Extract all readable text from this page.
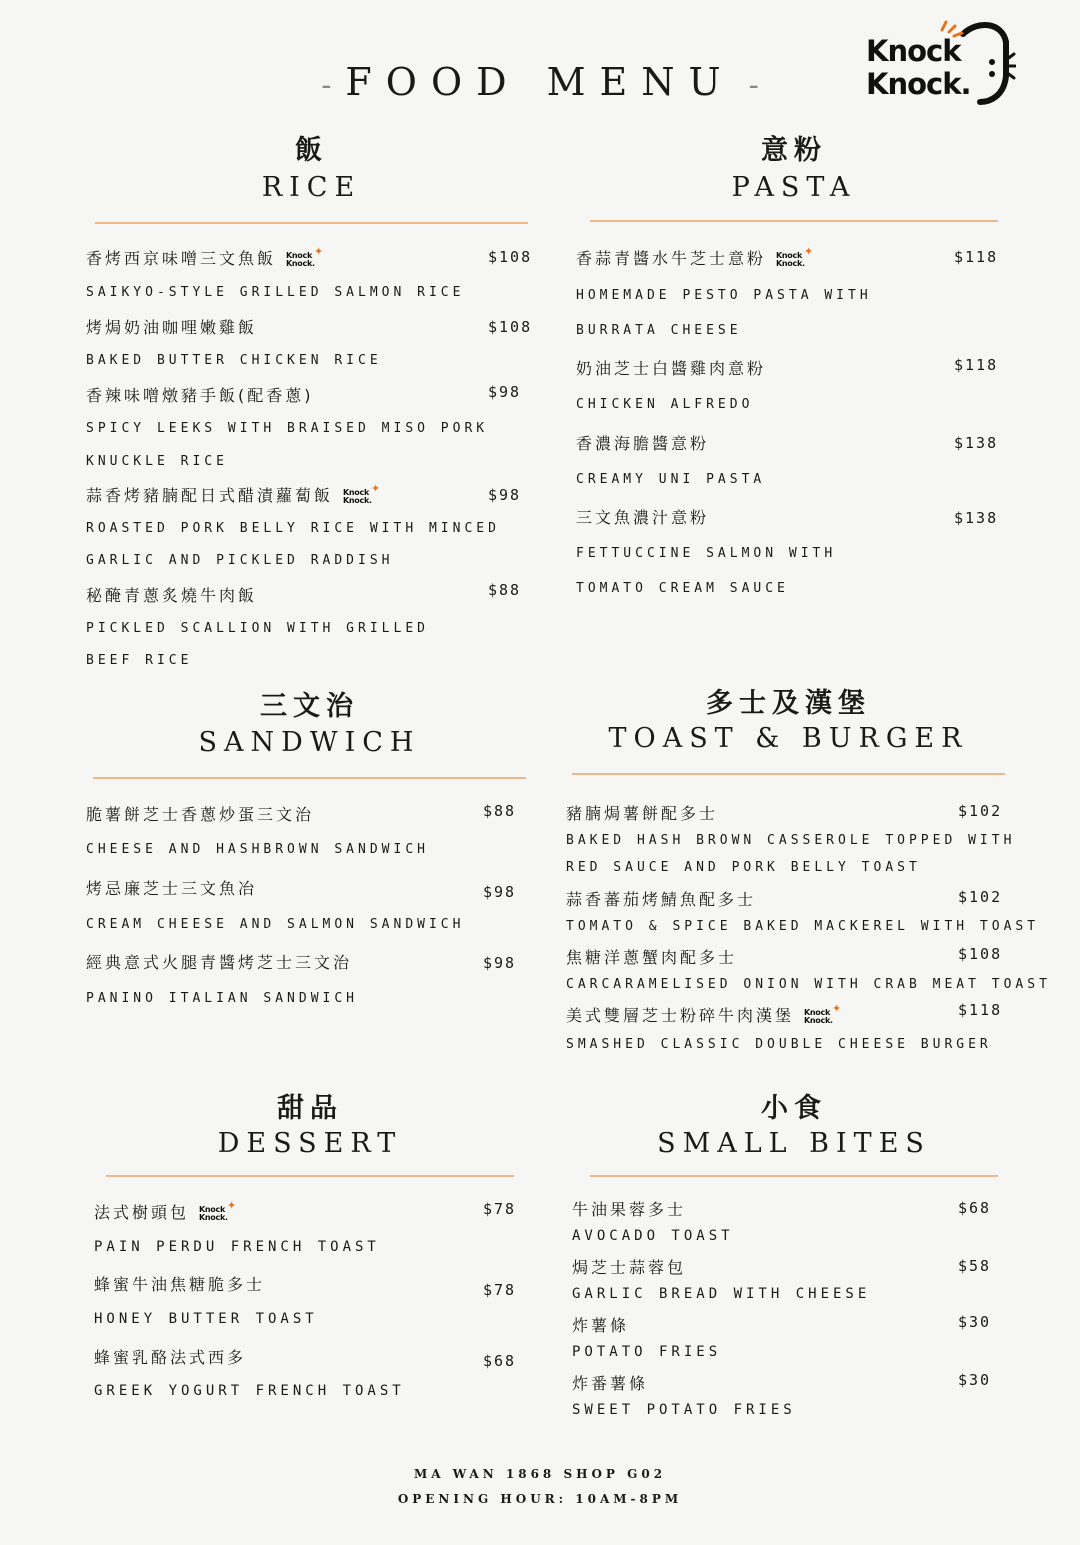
- FOOD MENU -
Knock
Knock.
飯
RICE
香烤西京味噌三文魚飯 Knock
Knock.
✦
SAIKYO-STYLE GRILLED SALMON RICE
$108
烤焗奶油咖哩嫩雞飯
BAKED BUTTER CHICKEN RICE
$108
香辣味噌燉豬手飯(配香蔥)
SPICY LEEKS WITH BRAISED MISO PORK
KNUCKLE RICE
$98
蒜香烤豬腩配日式醋漬蘿蔔飯 Knock
Knock.
✦
ROASTED PORK BELLY RICE WITH MINCED
GARLIC AND PICKLED RADDISH
$98
秘醃青蔥炙燒牛肉飯
PICKLED SCALLION WITH GRILLED
BEEF RICE
$88
意粉
PASTA
香蒜青醬水牛芝士意粉 Knock
Knock.
✦
HOMEMADE PESTO PASTA WITH
BURRATA CHEESE
$118
奶油芝士白醬雞肉意粉
CHICKEN ALFREDO
$118
香濃海膽醬意粉
CREAMY UNI PASTA
$138
三文魚濃汁意粉
FETTUCCINE SALMON WITH
TOMATO CREAM SAUCE
$138
三文治
SANDWICH
脆薯餅芝士香蔥炒蛋三文治
CHEESE AND HASHBROWN SANDWICH
$88
烤忌廉芝士三文魚冶
CREAM CHEESE AND SALMON SANDWICH
$98
經典意式火腿青醬烤芝士三文治
PANINO ITALIAN SANDWICH
$98
多士及漢堡
TOAST & BURGER
豬腩焗薯餅配多士
BAKED HASH BROWN CASSEROLE TOPPED WITH
RED SAUCE AND PORK BELLY TOAST
$102
蒜香蕃茄烤鯖魚配多士
TOMATO & SPICE BAKED MACKEREL WITH TOAST
$102
焦糖洋蔥蟹肉配多士
CARCARAMELISED ONION WITH CRAB MEAT TOAST
$108
美式雙層芝士粉碎牛肉漢堡 Knock
Knock.
✦
SMASHED CLASSIC DOUBLE CHEESE BURGER
$118
甜品
DESSERT
法式樹頭包 Knock
Knock.
✦
PAIN PERDU FRENCH TOAST
$78
蜂蜜牛油焦糖脆多士
HONEY BUTTER TOAST
$78
蜂蜜乳酪法式西多
GREEK YOGURT FRENCH TOAST
$68
小食
SMALL BITES
牛油果蓉多士
AVOCADO TOAST
$68
焗芝士蒜蓉包
GARLIC BREAD WITH CHEESE
$58
炸薯條
POTATO FRIES
$30
炸番薯條
SWEET POTATO FRIES
$30
MA WAN 1868 SHOP G02
OPENING HOUR: 10AM-8PM
